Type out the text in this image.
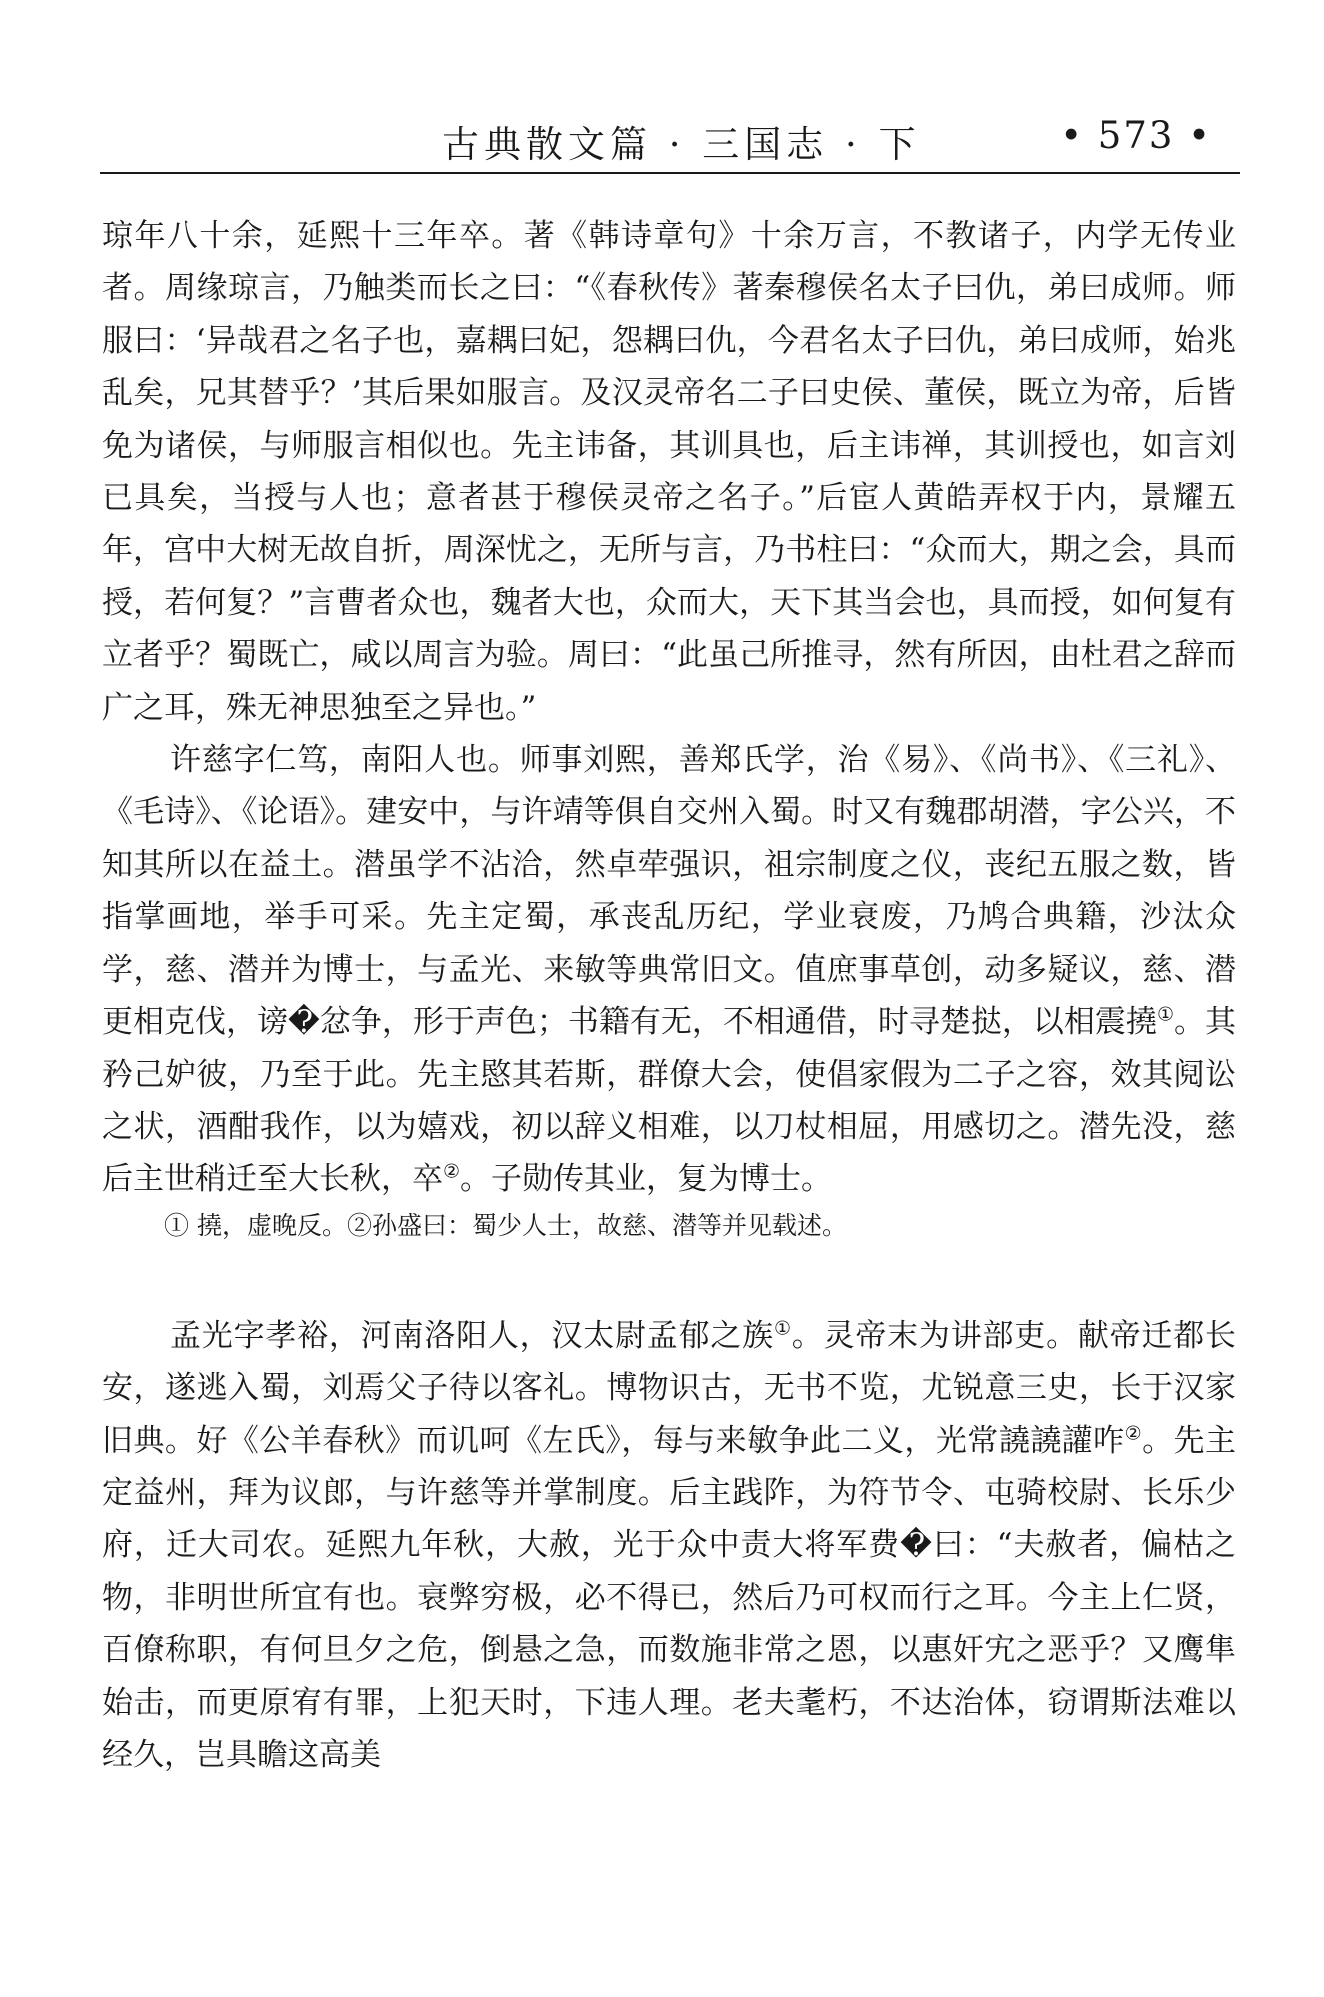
古典散文篇 · 三国志 · 下	• 573 •

琼年八十余，延熙十三年卒。著《韩诗章句》十余万言，不教诸子，内学无传业者。周缘琼言，乃触类而长之曰：“《春秋传》著秦穆侯名太子曰仇，弟曰成师。师服曰：‘异哉君之名子也，嘉耦曰妃，怨耦曰仇，今君名太子曰仇，弟曰成师，始兆乱矣，兄其替乎？’其后果如服言。及汉灵帝名二子曰史侯、董侯，既立为帝，后皆免为诸侯，与师服言相似也。先主讳备，其训具也，后主讳禅，其训授也，如言刘已具矣，当授与人也；意者甚于穆侯灵帝之名子。”后宦人黄皓弄权于内，景耀五年，宫中大树无故自折，周深忧之，无所与言，乃书柱曰：“众而大，期之会，具而授，若何复？”言曹者众也，魏者大也，众而大，天下其当会也，具而授，如何复有立者乎？蜀既亡，咸以周言为验。周曰：“此虽己所推寻，然有所因，由杜君之辞而广之耳，殊无神思独至之异也。”

许慈字仁笃，南阳人也。师事刘熙，善郑氏学，治《易》、《尚书》、《三礼》、《毛诗》、《论语》。建安中，与许靖等俱自交州入蜀。时又有魏郡胡潜，字公兴，不知其所以在益土。潜虽学不沾洽，然卓荦强识，祖宗制度之仪，丧纪五服之数，皆指掌画地，举手可采。先主定蜀，承丧乱历纪，学业衰废，乃鸠合典籍，沙汰众学，慈、潜并为博士，与孟光、来敏等典常旧文。值庶事草创，动多疑议，慈、潜更相克伐，谤�忿争，形于声色；书籍有无，不相通借，时寻楚挞，以相震撓①。其矜己妒彼，乃至于此。先主愍其若斯，群僚大会，使倡家假为二子之容，效其阋讼之状，酒酣我作，以为嬉戏，初以辞义相难，以刀杖相屈，用感切之。潜先没，慈后主世稍迁至大长秋，卒②。子勋传其业，复为博士。

① 撓，虚晚反。②孙盛曰：蜀少人士，故慈、潜等并见载述。

孟光字孝裕，河南洛阳人，汉太尉孟郁之族①。灵帝末为讲部吏。献帝迁都长安，遂逃入蜀，刘焉父子待以客礼。博物识古，无书不览，尤锐意三史，长于汉家旧典。好《公羊春秋》而讥呵《左氏》，每与来敏争此二义，光常譊譊讙咋②。先主定益州，拜为议郎，与许慈等并掌制度。后主践阼，为符节令、屯骑校尉、长乐少府，迁大司农。延熙九年秋，大赦，光于众中责大将军费�曰：“夫赦者，偏枯之物，非明世所宜有也。衰弊穷极，必不得已，然后乃可权而行之耳。今主上仁贤，百僚称职，有何旦夕之危，倒悬之急，而数施非常之恩，以惠奸宄之恶乎？又鹰隼始击，而更原宥有罪，上犯天时，下违人理。老夫耄朽，不达治体，窃谓斯法难以经久，岂具瞻这高美
